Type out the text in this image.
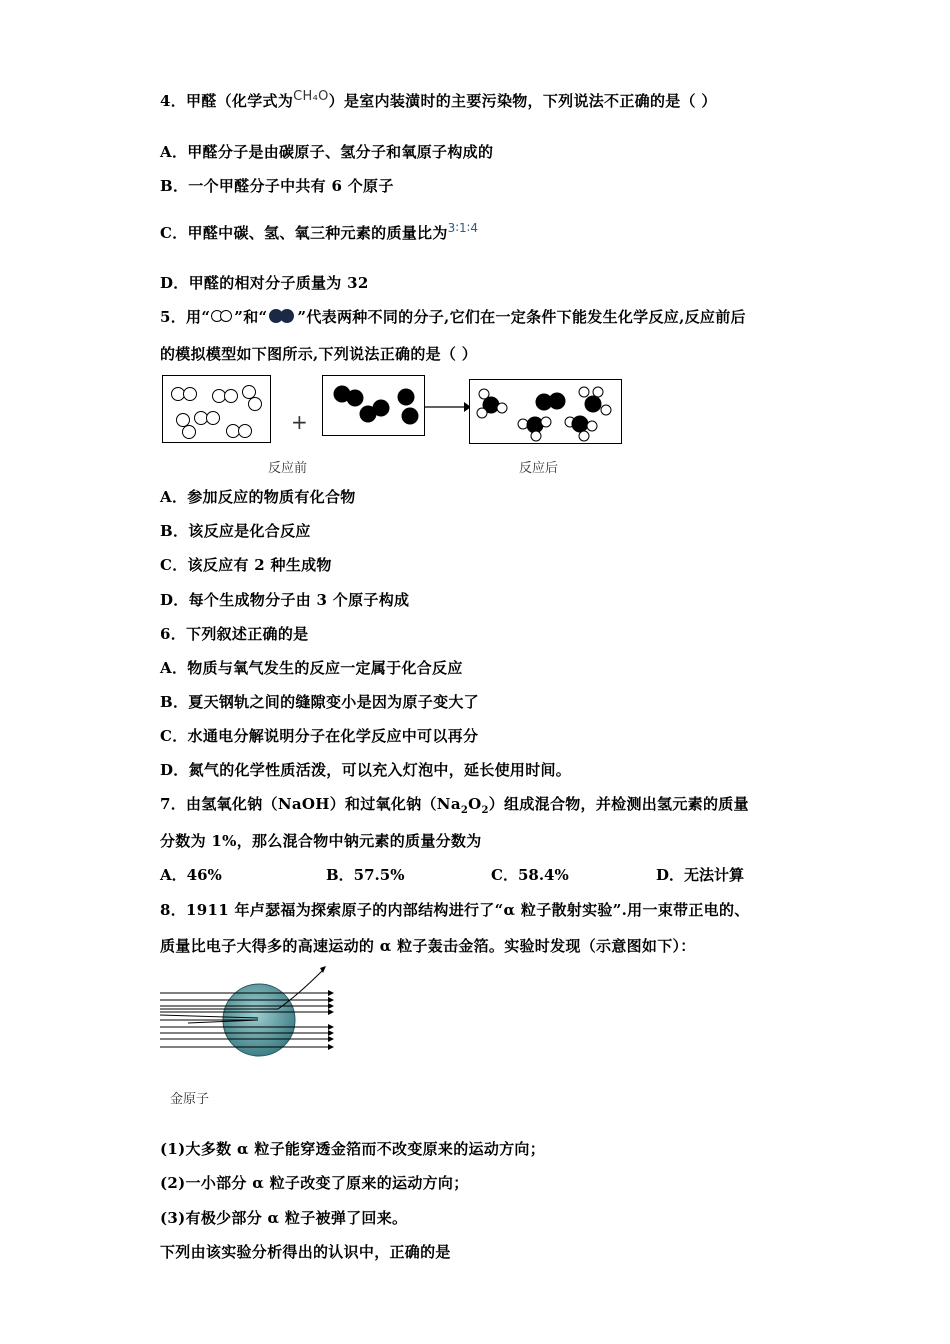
4．甲醛（化学式为CH₄O）是室内装潢时的主要污染物，下列说法不正确的是（ ）
A．甲醛分子是由碳原子、氢分子和氧原子构成的
B．一个甲醛分子中共有 6 个原子
C．甲醛中碳、氢、氧三种元素的质量比为$^{3∶1∶4}$
D．甲醛的相对分子质量为 32
5．用“ ”和“ ”代表两种不同的分子,它们在一定条件下能发生化学反应,反应前后
的模拟模型如下图所示,下列说法正确的是（ ）
+
反应前	反应后
A．参加反应的物质有化合物
B．该反应是化合反应
C．该反应有 2 种生成物
D．每个生成物分子由 3 个原子构成
6．下列叙述正确的是
A．物质与氧气发生的反应一定属于化合反应
B．夏天钢轨之间的缝隙变小是因为原子变大了
C．水通电分解说明分子在化学反应中可以再分
D．氮气的化学性质活泼，可以充入灯泡中，延长使用时间。
7．由氢氧化钠（NaOH）和过氧化钠$(Na_2O_2)$组成混合物，并检测出氢元素的质量
分数为 1%，那么混合物中钠元素的质量分数为
A．46%	B．57.5%	C．58.4%	D．无法计算
8．1911 年卢瑟福为探索原子的内部结构进行了“α 粒子散射实验”.用一束带正电的、
质量比电子大得多的高速运动的 α 粒子轰击金箔。实验时发现（示意图如下）：
金原子
(1)大多数 α 粒子能穿透金箔而不改变原来的运动方向；
(2)一小部分 α 粒子改变了原来的运动方向；
(3)有极少部分 α 粒子被弹了回来。
下列由该实验分析得出的认识中，正确的是
